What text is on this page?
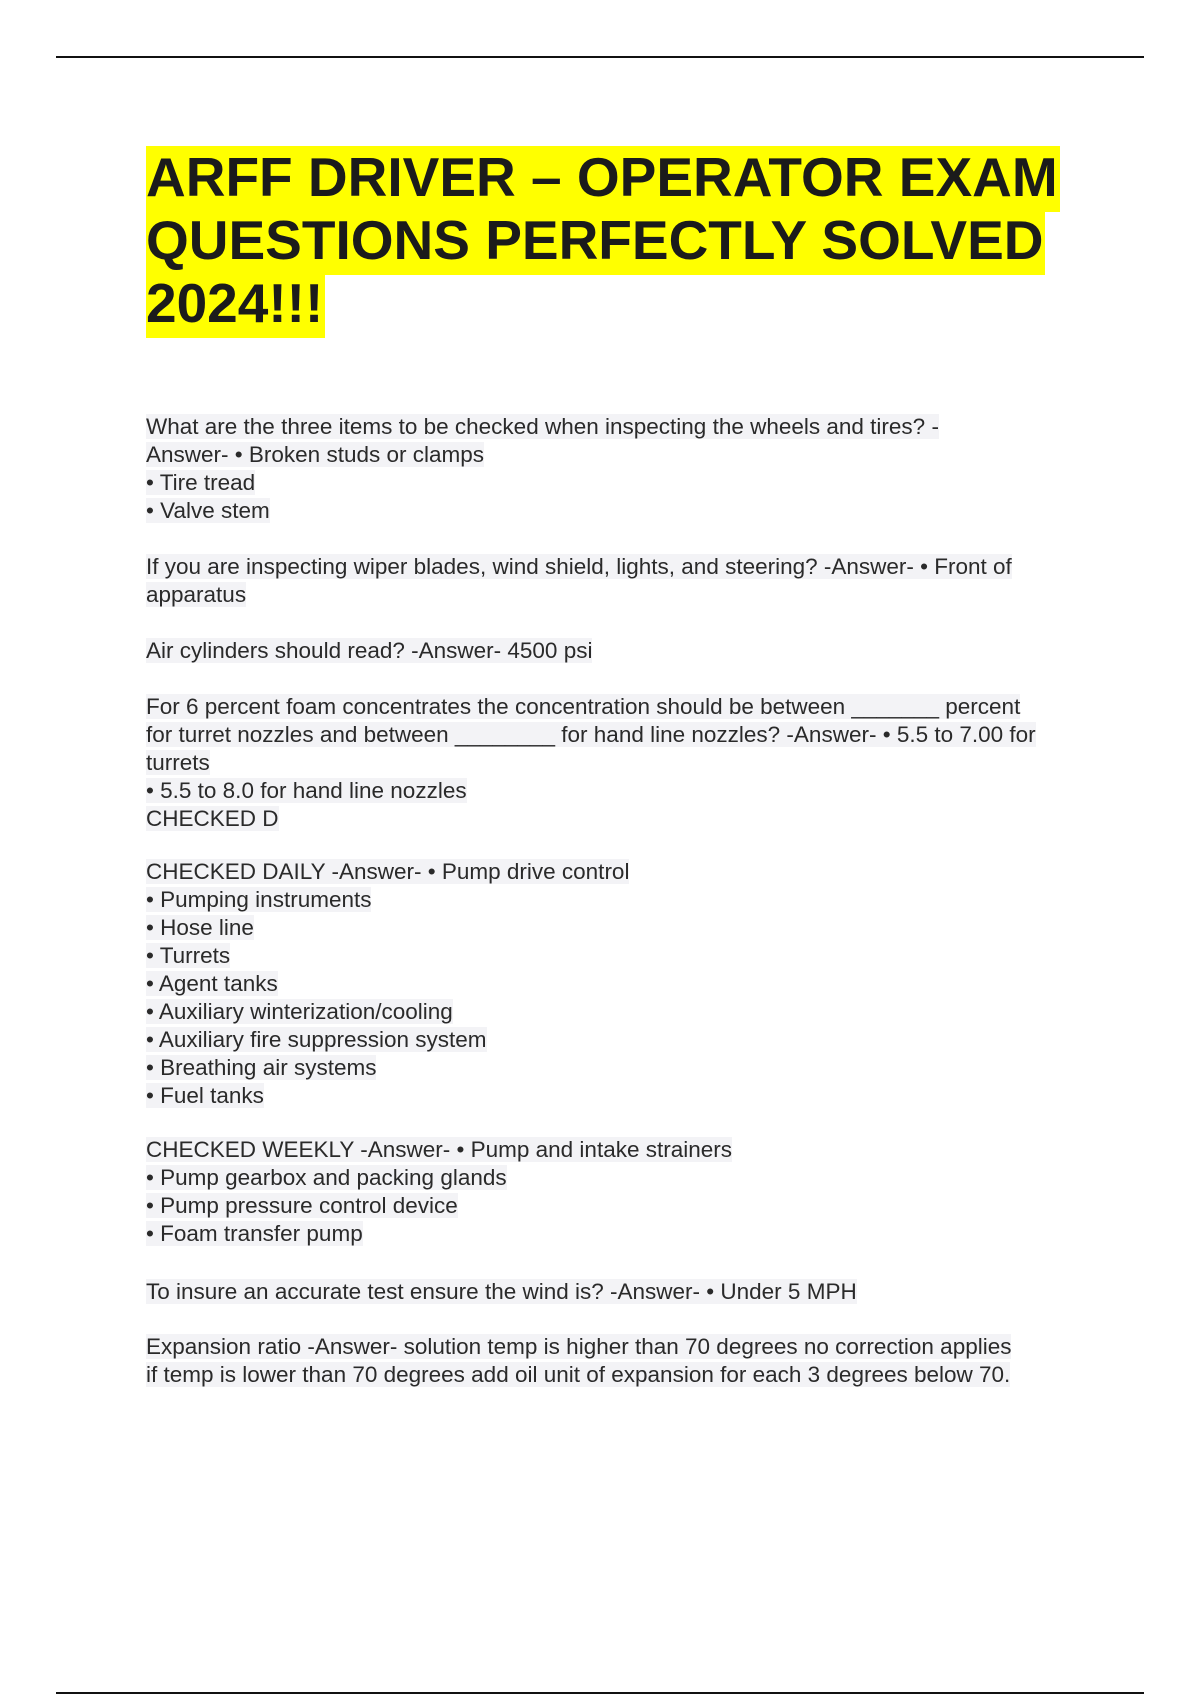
ARFF DRIVER – OPERATOR EXAM
QUESTIONS PERFECTLY SOLVED
2024!!!
What are the three items to be checked when inspecting the wheels and tires? -
Answer- • Broken studs or clamps
• Tire tread
• Valve stem
If you are inspecting wiper blades, wind shield, lights, and steering? -Answer- • Front of
apparatus
Air cylinders should read? -Answer- 4500 psi
For 6 percent foam concentrates the concentration should be between _______ percent
for turret nozzles and between ________ for hand line nozzles? -Answer- • 5.5 to 7.00 for
turrets
• 5.5 to 8.0 for hand line nozzles
CHECKED D
CHECKED DAILY -Answer- • Pump drive control
• Pumping instruments
• Hose line
• Turrets
• Agent tanks
• Auxiliary winterization/cooling
• Auxiliary fire suppression system
• Breathing air systems
• Fuel tanks
CHECKED WEEKLY -Answer- • Pump and intake strainers
• Pump gearbox and packing glands
• Pump pressure control device
• Foam transfer pump
To insure an accurate test ensure the wind is? -Answer- • Under 5 MPH
Expansion ratio -Answer- solution temp is higher than 70 degrees no correction applies
if temp is lower than 70 degrees add oil unit of expansion for each 3 degrees below 70.
